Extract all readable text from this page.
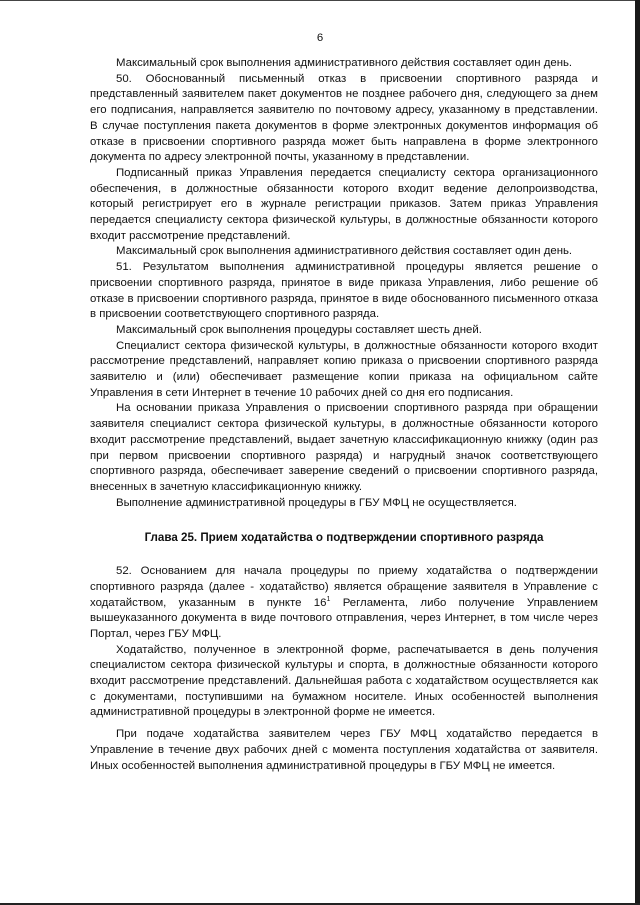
6

Максимальный срок выполнения административного действия составляет один день.

50. Обоснованный письменный отказ в присвоении спортивного разряда и представленный заявителем пакет документов не позднее рабочего дня, следующего за днем его подписания, направляется заявителю по почтовому адресу, указанному в представлении. В случае поступления пакета документов в форме электронных документов информация об отказе в присвоении спортивного разряда может быть направлена в форме электронного документа по адресу электронной почты, указанному в представлении.

Подписанный приказ Управления передается специалисту сектора организационного обеспечения, в должностные обязанности которого входит ведение делопроизводства, который регистрирует его в журнале регистрации приказов. Затем приказ Управления передается специалисту сектора физической культуры, в должностные обязанности которого входит рассмотрение представлений.

Максимальный срок выполнения административного действия составляет один день.

51. Результатом выполнения административной процедуры является решение о присвоении спортивного разряда, принятое в виде приказа Управления, либо решение об отказе в присвоении спортивного разряда, принятое в виде обоснованного письменного отказа в присвоении соответствующего спортивного разряда.

Максимальный срок выполнения процедуры составляет шесть дней.

Специалист сектора физической культуры, в должностные обязанности которого входит рассмотрение представлений, направляет копию приказа о присвоении спортивного разряда заявителю и (или) обеспечивает размещение копии приказа на официальном сайте Управления в сети Интернет в течение 10 рабочих дней со дня его подписания.

На основании приказа Управления о присвоении спортивного разряда при обращении заявителя специалист сектора физической культуры, в должностные обязанности которого входит рассмотрение представлений, выдает зачетную классификационную книжку (один раз при первом присвоении спортивного разряда) и нагрудный значок соответствующего спортивного разряда, обеспечивает заверение сведений о присвоении спортивного разряда, внесенных в зачетную классификационную книжку.

Выполнение административной процедуры в ГБУ МФЦ не осуществляется.

Глава 25. Прием ходатайства о подтверждении спортивного разряда

52. Основанием для начала процедуры по приему ходатайства о подтверждении спортивного разряда (далее - ходатайство) является обращение заявителя в Управление с ходатайством, указанным в пункте $16^1$ Регламента, либо получение Управлением вышеуказанного документа в виде почтового отправления, через Интернет, в том числе через Портал, через ГБУ МФЦ.

Ходатайство, полученное в электронной форме, распечатывается в день получения специалистом сектора физической культуры и спорта, в должностные обязанности которого входит рассмотрение представлений. Дальнейшая работа с ходатайством осуществляется как с документами, поступившими на бумажном носителе. Иных особенностей выполнения административной процедуры в электронной форме не имеется.

При подаче ходатайства заявителем через ГБУ МФЦ ходатайство передается в Управление в течение двух рабочих дней с момента поступления ходатайства от заявителя. Иных особенностей выполнения административной процедуры в ГБУ МФЦ не имеется.
